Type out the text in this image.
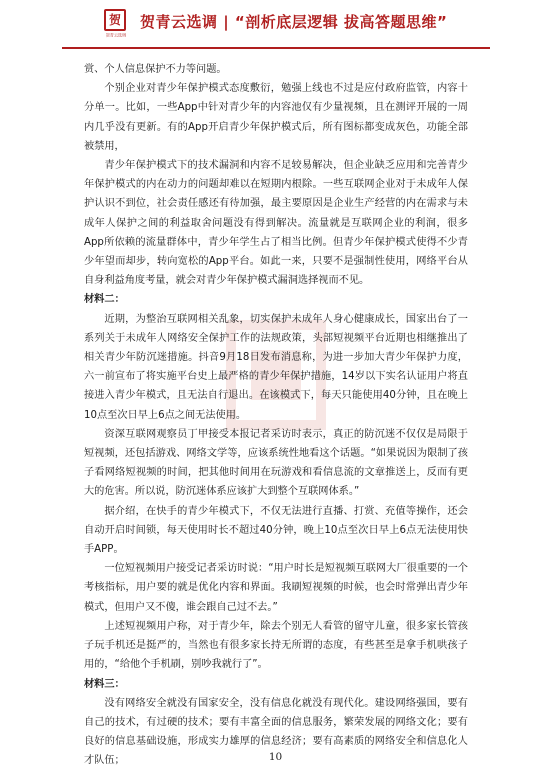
贺
贺青云选调
贺青云选调 | “剖析底层逻辑 拔高答题思维”

赏、个人信息保护不力等问题。

个别企业对青少年保护模式态度敷衍，勉强上线也不过是应付政府监管，内容十分单一。比如，一些App中针对青少年的内容池仅有少量视频，且在测评开展的一周内几乎没有更新。有的App开启青少年保护模式后，所有图标都变成灰色，功能全部被禁用，

青少年保护模式下的技术漏洞和内容不足较易解决，但企业缺乏应用和完善青少年保护模式的内在动力的问题却难以在短期内根除。一些互联网企业对于未成年人保护认识不到位，社会责任感还有待加强，最主要原因是企业生产经营的内在需求与未成年人保护之间的利益取舍问题没有得到解决。流量就是互联网企业的利润，很多App所依赖的流量群体中，青少年学生占了相当比例。但青少年保护模式使得不少青少年望而却步，转向宽松的App平台。如此一来，只要不是强制性使用，网络平台从自身利益角度考量，就会对青少年保护模式漏洞选择视而不见。

材料二：

近期，为整治互联网相关乱象，切实保护未成年人身心健康成长，国家出台了一系列关于未成年人网络安全保护工作的法规政策，头部短视频平台近期也相继推出了相关青少年防沉迷措施。抖音9月18日发布消息称，为进一步加大青少年保护力度，六一前宣布了将实施平台史上最严格的青少年保护措施，14岁以下实名认证用户将直接进入青少年模式，且无法自行退出。在该模式下，每天只能使用40分钟，且在晚上10点至次日早上6点之间无法使用。

资深互联网观察员丁甲接受本报记者采访时表示，真正的防沉迷不仅仅是局限于短视频，还包括游戏、网络文学等，应该系统性地看这个话题。“如果说因为限制了孩子看网络短视频的时间，把其他时间用在玩游戏和看信息流的文章推送上，反而有更大的危害。所以说，防沉迷体系应该扩大到整个互联网体系。”

据介绍，在快手的青少年模式下，不仅无法进行直播、打赏、充值等操作，还会自动开启时间锁，每天使用时长不超过40分钟，晚上10点至次日早上6点无法使用快手APP。

一位短视频用户接受记者采访时说：“用户时长是短视频互联网大厂很重要的一个考核指标，用户要的就是优化内容和界面。我刷短视频的时候，也会时常弹出青少年模式，但用户又不傻，谁会跟自己过不去。”

上述短视频用户称，对于青少年，除去个别无人看管的留守儿童，很多家长管孩子玩手机还是挺严的，当然也有很多家长持无所谓的态度，有些甚至是拿手机哄孩子用的，“给他个手机刷，别吵我就行了”。

材料三：

没有网络安全就没有国家安全，没有信息化就没有现代化。建设网络强国，要有自己的技术，有过硬的技术；要有丰富全面的信息服务，繁荣发展的网络文化；要有良好的信息基础设施，形成实力雄厚的信息经济；要有高素质的网络安全和信息化人才队伍；	10
